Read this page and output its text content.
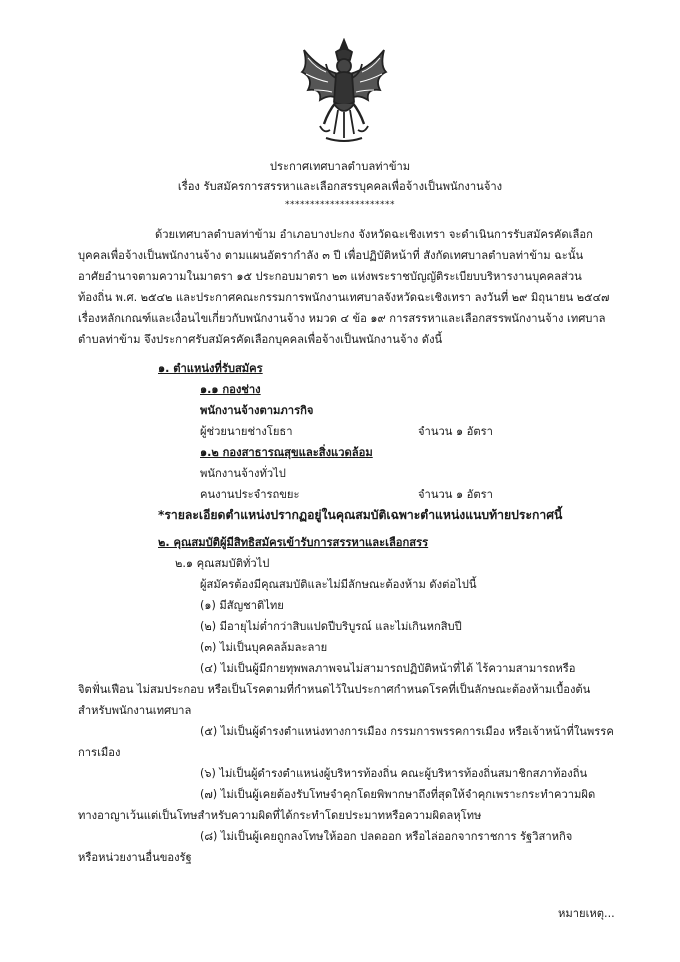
ประกาศเทศบาลตำบลท่าข้าม
เรื่อง รับสมัครการสรรหาและเลือกสรรบุคคลเพื่อจ้างเป็นพนักงานจ้าง
**********************
ด้วยเทศบาลตำบลท่าข้าม อำเภอบางปะกง จังหวัดฉะเชิงเทรา จะดำเนินการรับสมัครคัดเลือก
บุคคลเพื่อจ้างเป็นพนักงานจ้าง ตามแผนอัตรากำลัง ๓ ปี เพื่อปฏิบัติหน้าที่ สังกัดเทศบาลตำบลท่าข้าม ฉะนั้น
อาศัยอำนาจตามความในมาตรา ๑๕ ประกอบมาตรา ๒๓ แห่งพระราชบัญญัติระเบียบบริหารงานบุคคลส่วน
ท้องถิ่น พ.ศ. ๒๕๔๒ และประกาศคณะกรรมการพนักงานเทศบาลจังหวัดฉะเชิงเทรา ลงวันที่ ๒๙ มิถุนายน ๒๕๔๗
เรื่องหลักเกณฑ์และเงื่อนไขเกี่ยวกับพนักงานจ้าง หมวด ๔ ข้อ ๑๙ การสรรหาและเลือกสรรพนักงานจ้าง เทศบาล
ตำบลท่าข้าม จึงประกาศรับสมัครคัดเลือกบุคคลเพื่อจ้างเป็นพนักงานจ้าง ดังนี้
๑. ตำแหน่งที่รับสมัคร
๑.๑ กองช่าง
พนักงานจ้างตามภารกิจ
ผู้ช่วยนายช่างโยธา	จำนวน ๑ อัตรา
๑.๒ กองสาธารณสุขและสิ่งแวดล้อม
พนักงานจ้างทั่วไป
คนงานประจำรถขยะ	จำนวน ๑ อัตรา
*รายละเอียดตำแหน่งปรากฏอยู่ในคุณสมบัติเฉพาะตำแหน่งแนบท้ายประกาศนี้
๒. คุณสมบัติผู้มีสิทธิสมัครเข้ารับการสรรหาและเลือกสรร
๒.๑ คุณสมบัติทั่วไป
ผู้สมัครต้องมีคุณสมบัติและไม่มีลักษณะต้องห้าม ดังต่อไปนี้
(๑) มีสัญชาติไทย
(๒) มีอายุไม่ต่ำกว่าสิบแปดปีบริบูรณ์ และไม่เกินหกสิบปี
(๓) ไม่เป็นบุคคลล้มละลาย
(๔) ไม่เป็นผู้มีกายทุพพลภาพจนไม่สามารถปฏิบัติหน้าที่ได้ ไร้ความสามารถหรือ
จิตฟั่นเฟือน ไม่สมประกอบ หรือเป็นโรคตามที่กำหนดไว้ในประกาศกำหนดโรคที่เป็นลักษณะต้องห้ามเบื้องต้น
สำหรับพนักงานเทศบาล
(๕) ไม่เป็นผู้ดำรงตำแหน่งทางการเมือง กรรมการพรรคการเมือง หรือเจ้าหน้าที่ในพรรค
การเมือง
(๖) ไม่เป็นผู้ดำรงตำแหน่งผู้บริหารท้องถิ่น คณะผู้บริหารท้องถิ่นสมาชิกสภาท้องถิ่น
(๗) ไม่เป็นผู้เคยต้องรับโทษจำคุกโดยพิพากษาถึงที่สุดให้จำคุกเพราะกระทำความผิด
ทางอาญาเว้นแต่เป็นโทษสำหรับความผิดที่ได้กระทำโดยประมาทหรือความผิดลหุโทษ
(๘) ไม่เป็นผู้เคยถูกลงโทษให้ออก ปลดออก หรือไล่ออกจากราชการ รัฐวิสาหกิจ
หรือหน่วยงานอื่นของรัฐ
หมายเหตุ...
